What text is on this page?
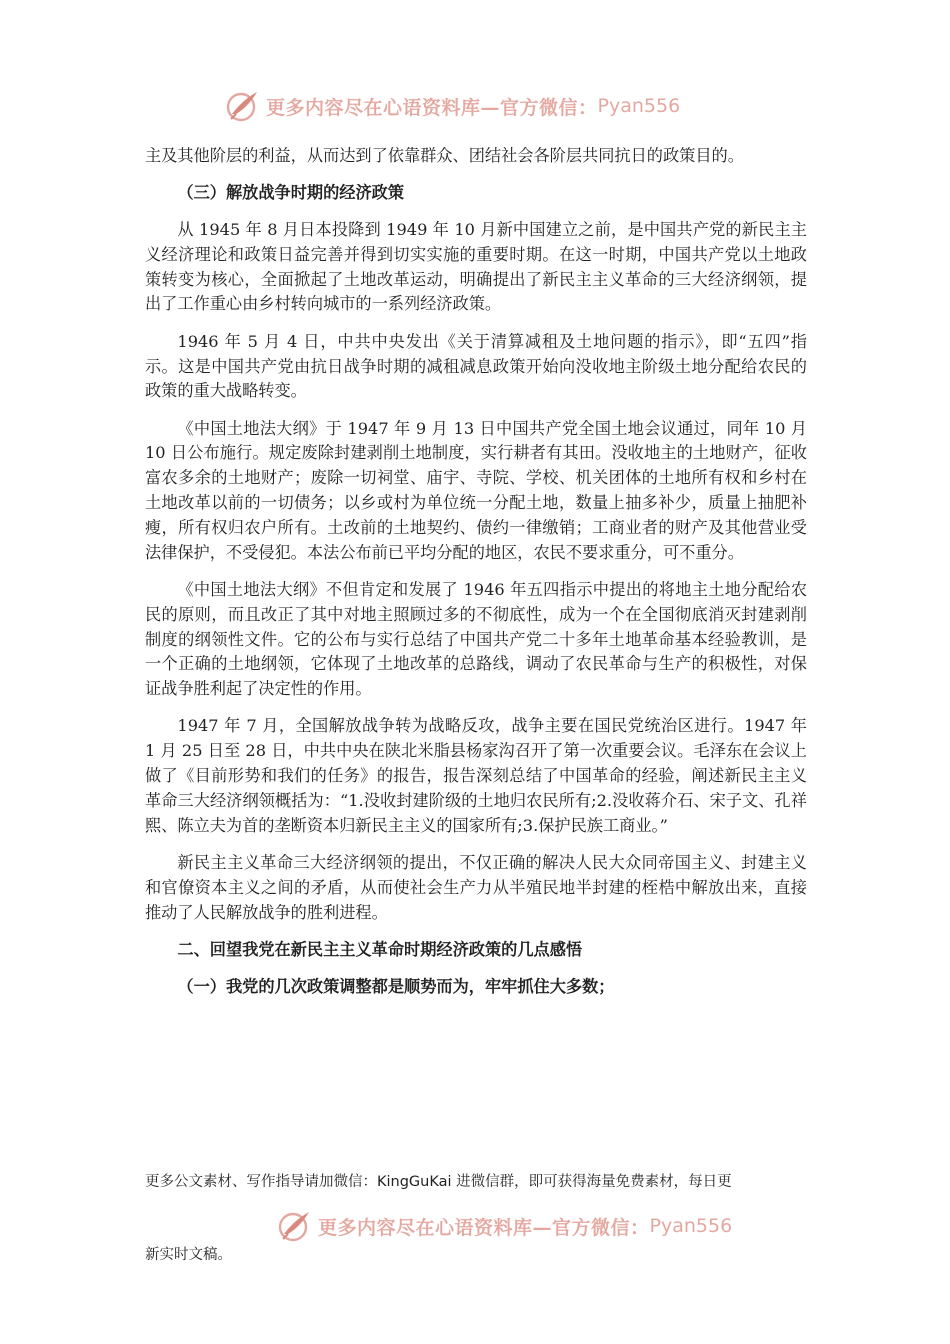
更多内容尽在心语资料库—官方微信： Pyan556

主及其他阶层的利益，从而达到了依靠群众、团结社会各阶层共同抗日的政策目的。

（三）解放战争时期的经济政策

从 1945 年 8 月日本投降到 1949 年 10 月新中国建立之前，是中国共产党的新民主主义经济理论和政策日益完善并得到切实实施的重要时期。在这一时期，中国共产党以土地政策转变为核心，全面掀起了土地改革运动，明确提出了新民主主义革命的三大经济纲领，提出了工作重心由乡村转向城市的一系列经济政策。

1946 年 5 月 4 日，中共中央发出《关于清算减租及土地问题的指示》，即“五四”指示。这是中国共产党由抗日战争时期的减租减息政策开始向没收地主阶级土地分配给农民的政策的重大战略转变。

《中国土地法大纲》于 1947 年 9 月 13 日中国共产党全国土地会议通过，同年 10 月 10 日公布施行。规定废除封建剥削土地制度，实行耕者有其田。没收地主的土地财产，征收富农多余的土地财产；废除一切祠堂、庙宇、寺院、学校、机关团体的土地所有权和乡村在土地改革以前的一切债务；以乡或村为单位统一分配土地，数量上抽多补少，质量上抽肥补瘦，所有权归农户所有。土改前的土地契约、债约一律缴销；工商业者的财产及其他营业受法律保护，不受侵犯。本法公布前已平均分配的地区，农民不要求重分，可不重分。

《中国土地法大纲》不但肯定和发展了 1946 年五四指示中提出的将地主土地分配给农民的原则，而且改正了其中对地主照顾过多的不彻底性，成为一个在全国彻底消灭封建剥削制度的纲领性文件。它的公布与实行总结了中国共产党二十多年土地革命基本经验教训，是一个正确的土地纲领，它体现了土地改革的总路线，调动了农民革命与生产的积极性，对保证战争胜利起了决定性的作用。

1947 年 7 月，全国解放战争转为战略反攻，战争主要在国民党统治区进行。1947 年 1 月 25 日至 28 日，中共中央在陕北米脂县杨家沟召开了第一次重要会议。毛泽东在会议上做了《目前形势和我们的任务》的报告，报告深刻总结了中国革命的经验，阐述新民主主义革命三大经济纲领概括为：“1.没收封建阶级的土地归农民所有;2.没收蒋介石、宋子文、孔祥熙、陈立夫为首的垄断资本归新民主主义的国家所有;3.保护民族工商业。”

新民主主义革命三大经济纲领的提出，不仅正确的解决人民大众同帝国主义、封建主义和官僚资本主义之间的矛盾，从而使社会生产力从半殖民地半封建的桎梏中解放出来，直接推动了人民解放战争的胜利进程。

二、回望我党在新民主主义革命时期经济政策的几点感悟
（一）我党的几次政策调整都是顺势而为，牢牢抓住大多数；
更多公文素材、写作指导请加微信：KingGuKai 进微信群，即可获得海量免费素材，每日更
更多内容尽在心语资料库—官方微信： Pyan556
新实时文稿。
